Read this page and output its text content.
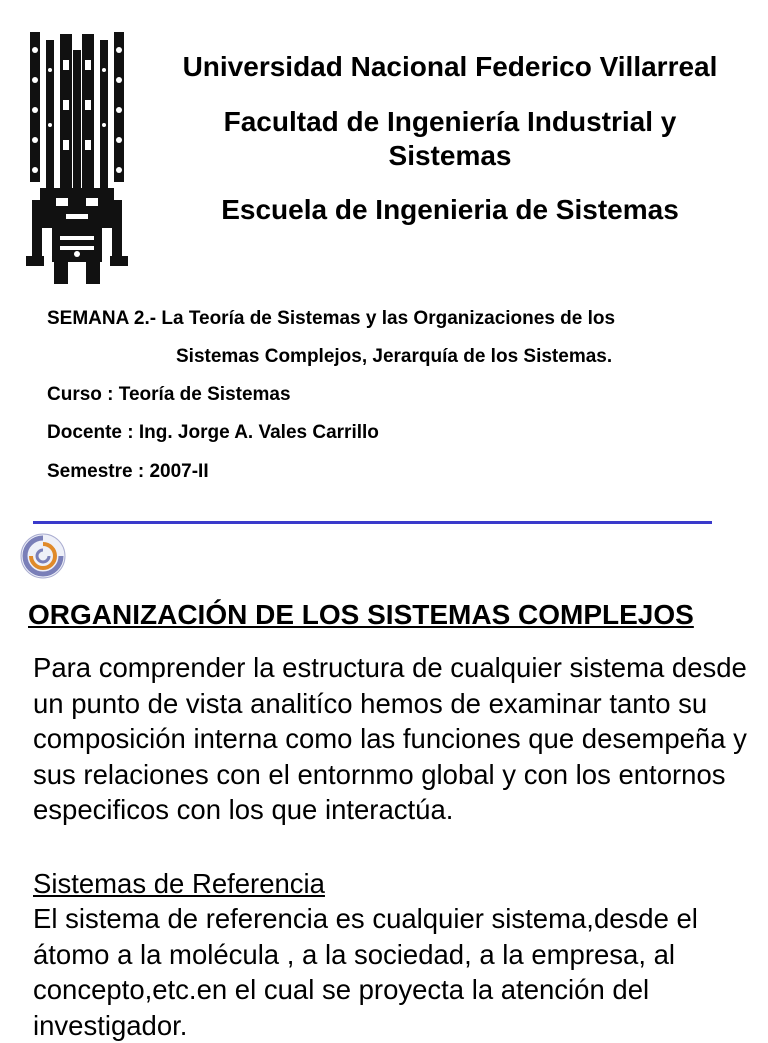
Universidad Nacional Federico Villarreal
Facultad de Ingeniería Industrial y Sistemas
Escuela de Ingenieria de Sistemas
SEMANA 2.- La Teoría de Sistemas y las Organizaciones de los
Sistemas Complejos, Jerarquía de los Sistemas.
Curso : Teoría de Sistemas
Docente : Ing. Jorge A. Vales Carrillo
Semestre : 2007-II
ORGANIZACIÓN DE LOS SISTEMAS COMPLEJOS

Para comprender la estructura de cualquier sistema desde un punto de vista analitíco hemos de examinar tanto su composición interna como las funciones que desempeña y sus relaciones con el entornmo global y con los entornos especificos con los que interactúa.

Sistemas de Referencia

El sistema de referencia es cualquier sistema,desde el átomo a la molécula , a la sociedad, a la empresa, al concepto,etc.en el cual se proyecta la atención del investigador.
